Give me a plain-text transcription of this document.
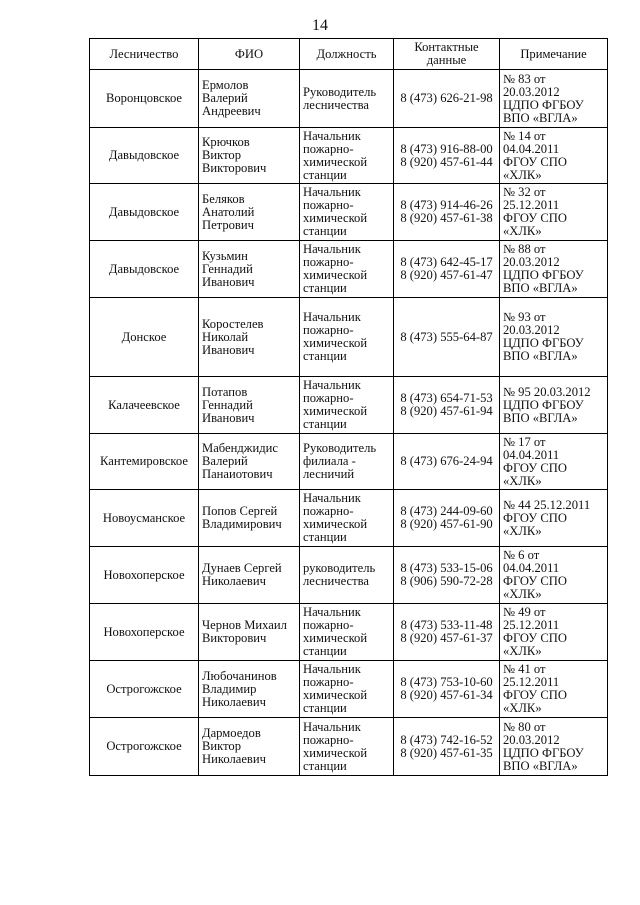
14
Лесничество	ФИО	Должность	Контактные данные	Примечание
Воронцовское	Ермолов
Валерий
Андреевич	Руководитель
лесничества	8 (473) 626-21-98	№ 83 от
20.03.2012
ЦДПО ФГБОУ
ВПО «ВГЛА»

Давыдовское	Крючков
Виктор
Викторович	Начальник
пожарно-
химической
станции	8 (473) 916-88-00
8 (920) 457-61-44	№ 14 от
04.04.2011
ФГОУ СПО
«ХЛК»

Давыдовское	Беляков
Анатолий
Петрович	Начальник
пожарно-
химической
станции	8 (473) 914-46-26
8 (920) 457-61-38	№ 32 от
25.12.2011
ФГОУ СПО
«ХЛК»

Давыдовское	Кузьмин
Геннадий
Иванович	Начальник
пожарно-
химической
станции	8 (473) 642-45-17
8 (920) 457-61-47	№ 88 от
20.03.2012
ЦДПО ФГБОУ
ВПО «ВГЛА»

Донское	Коростелев
Николай
Иванович	Начальник
пожарно-
химической
станции	8 (473) 555-64-87	№ 93 от
20.03.2012
ЦДПО ФГБОУ
ВПО «ВГЛА»

Калачеевское	Потапов
Геннадий
Иванович	Начальник
пожарно-
химической
станции	8 (473) 654-71-53
8 (920) 457-61-94	№ 95 20.03.2012
ЦДПО ФГБОУ
ВПО «ВГЛА»

Кантемировское	Мабенджидис
Валерий
Панаиотович	Руководитель
филиала -
лесничий	8 (473) 676-24-94	№ 17 от
04.04.2011
ФГОУ СПО
«ХЛК»

Новоусманское	Попов Сергей
Владимирович	Начальник
пожарно-
химической
станции	8 (473) 244-09-60
8 (920) 457-61-90	№ 44 25.12.2011
ФГОУ СПО
«ХЛК»

Новохоперское	Дунаев Сергей
Николаевич	руководитель
лесничества	8 (473) 533-15-06
8 (906) 590-72-28	№ 6 от
04.04.2011
ФГОУ СПО
«ХЛК»

Новохоперское	Чернов Михаил
Викторович	Начальник
пожарно-
химической
станции	8 (473) 533-11-48
8 (920) 457-61-37	№ 49 от
25.12.2011
ФГОУ СПО
«ХЛК»

Острогожское	Любочанинов
Владимир
Николаевич	Начальник
пожарно-
химической
станции	8 (473) 753-10-60
8 (920) 457-61-34	№ 41 от
25.12.2011
ФГОУ СПО
«ХЛК»

Острогожское	Дармоедов
Виктор
Николаевич	Начальник
пожарно-
химической
станции	8 (473) 742-16-52
8 (920) 457-61-35	№ 80 от
20.03.2012
ЦДПО ФГБОУ
ВПО «ВГЛА»
